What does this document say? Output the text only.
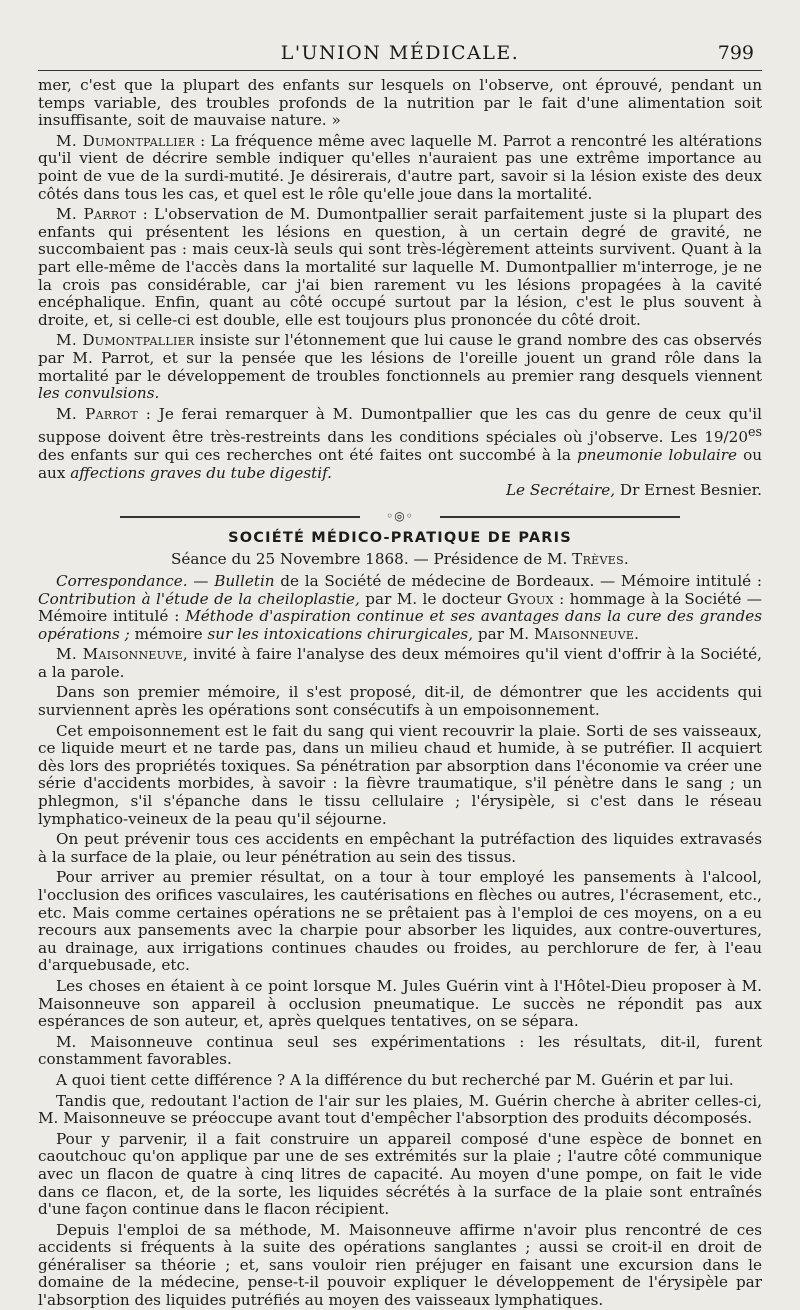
L'UNION MÉDICALE.	799

mer, c'est que la plupart des enfants sur lesquels on l'observe, ont éprouvé, pendant un temps variable, des troubles profonds de la nutrition par le fait d'une alimentation soit insuffisante, soit de mauvaise nature. »

M. Dumontpallier : La fréquence même avec laquelle M. Parrot a rencontré les altérations qu'il vient de décrire semble indiquer qu'elles n'auraient pas une extrême importance au point de vue de la surdi-mutité. Je désirerais, d'autre part, savoir si la lésion existe des deux côtés dans tous les cas, et quel est le rôle qu'elle joue dans la mortalité.

M. Parrot : L'observation de M. Dumontpallier serait parfaitement juste si la plupart des enfants qui présentent les lésions en question, à un certain degré de gravité, ne succombaient pas : mais ceux-là seuls qui sont très-légèrement atteints survivent. Quant à la part elle-même de l'accès dans la mortalité sur laquelle M. Dumontpallier m'interroge, je ne la crois pas considérable, car j'ai bien rarement vu les lésions propagées à la cavité encéphalique. Enfin, quant au côté occupé surtout par la lésion, c'est le plus souvent à droite, et, si celle-ci est double, elle est toujours plus prononcée du côté droit.

M. Dumontpallier insiste sur l'étonnement que lui cause le grand nombre des cas observés par M. Parrot, et sur la pensée que les lésions de l'oreille jouent un grand rôle dans la mortalité par le développement de troubles fonctionnels au premier rang desquels viennent les convulsions.

M. Parrot : Je ferai remarquer à M. Dumontpallier que les cas du genre de ceux qu'il suppose doivent être très-restreints dans les conditions spéciales où j'observe. Les $19/20^{es}$ des enfants sur qui ces recherches ont été faites ont succombé à la pneumonie lobulaire ou aux affections graves du tube digestif.
Le Secrétaire, Dr Ernest Besnier.

◦◎◦
SOCIÉTÉ MÉDICO-PRATIQUE DE PARIS
Séance du 25 Novembre 1868. — Présidence de M. Trèves.

Correspondance. — Bulletin de la Société de médecine de Bordeaux. — Mémoire intitulé : Contribution à l'étude de la cheiloplastie, par M. le docteur Gyoux : hommage à la Société — Mémoire intitulé : Méthode d'aspiration continue et ses avantages dans la cure des grandes opérations ; mémoire sur les intoxications chirurgicales, par M. Maisonneuve.

M. Maisonneuve, invité à faire l'analyse des deux mémoires qu'il vient d'offrir à la Société, a la parole.

Dans son premier mémoire, il s'est proposé, dit-il, de démontrer que les accidents qui surviennent après les opérations sont consécutifs à un empoisonnement.

Cet empoisonnement est le fait du sang qui vient recouvrir la plaie. Sorti de ses vaisseaux, ce liquide meurt et ne tarde pas, dans un milieu chaud et humide, à se putréfier. Il acquiert dès lors des propriétés toxiques. Sa pénétration par absorption dans l'économie va créer une série d'accidents morbides, à savoir : la fièvre traumatique, s'il pénètre dans le sang ; un phlegmon, s'il s'épanche dans le tissu cellulaire ; l'érysipèle, si c'est dans le réseau lymphatico-veineux de la peau qu'il séjourne.

On peut prévenir tous ces accidents en empêchant la putréfaction des liquides extravasés à la surface de la plaie, ou leur pénétration au sein des tissus.

Pour arriver au premier résultat, on a tour à tour employé les pansements à l'alcool, l'occlusion des orifices vasculaires, les cautérisations en flèches ou autres, l'écrasement, etc., etc. Mais comme certaines opérations ne se prêtaient pas à l'emploi de ces moyens, on a eu recours aux pansements avec la charpie pour absorber les liquides, aux contre-ouvertures, au drainage, aux irrigations continues chaudes ou froides, au perchlorure de fer, à l'eau d'arquebusade, etc.

Les choses en étaient à ce point lorsque M. Jules Guérin vint à l'Hôtel-Dieu proposer à M. Maisonneuve son appareil à occlusion pneumatique. Le succès ne répondit pas aux espérances de son auteur, et, après quelques tentatives, on se sépara.

M. Maisonneuve continua seul ses expérimentations : les résultats, dit-il, furent constamment favorables.

A quoi tient cette différence ? A la différence du but recherché par M. Guérin et par lui.

Tandis que, redoutant l'action de l'air sur les plaies, M. Guérin cherche à abriter celles-ci, M. Maisonneuve se préoccupe avant tout d'empêcher l'absorption des produits décomposés.

Pour y parvenir, il a fait construire un appareil composé d'une espèce de bonnet en caoutchouc qu'on applique par une de ses extrémités sur la plaie ; l'autre côté communique avec un flacon de quatre à cinq litres de capacité. Au moyen d'une pompe, on fait le vide dans ce flacon, et, de la sorte, les liquides sécrétés à la surface de la plaie sont entraînés d'une façon continue dans le flacon récipient.

Depuis l'emploi de sa méthode, M. Maisonneuve affirme n'avoir plus rencontré de ces accidents si fréquents à la suite des opérations sanglantes ; aussi se croit-il en droit de généraliser sa théorie ; et, sans vouloir rien préjuger en faisant une excursion dans le domaine de la médecine, pense-t-il pouvoir expliquer le développement de l'érysipèle par l'absorption des liquides putréfiés au moyen des vaisseaux lymphatiques.
